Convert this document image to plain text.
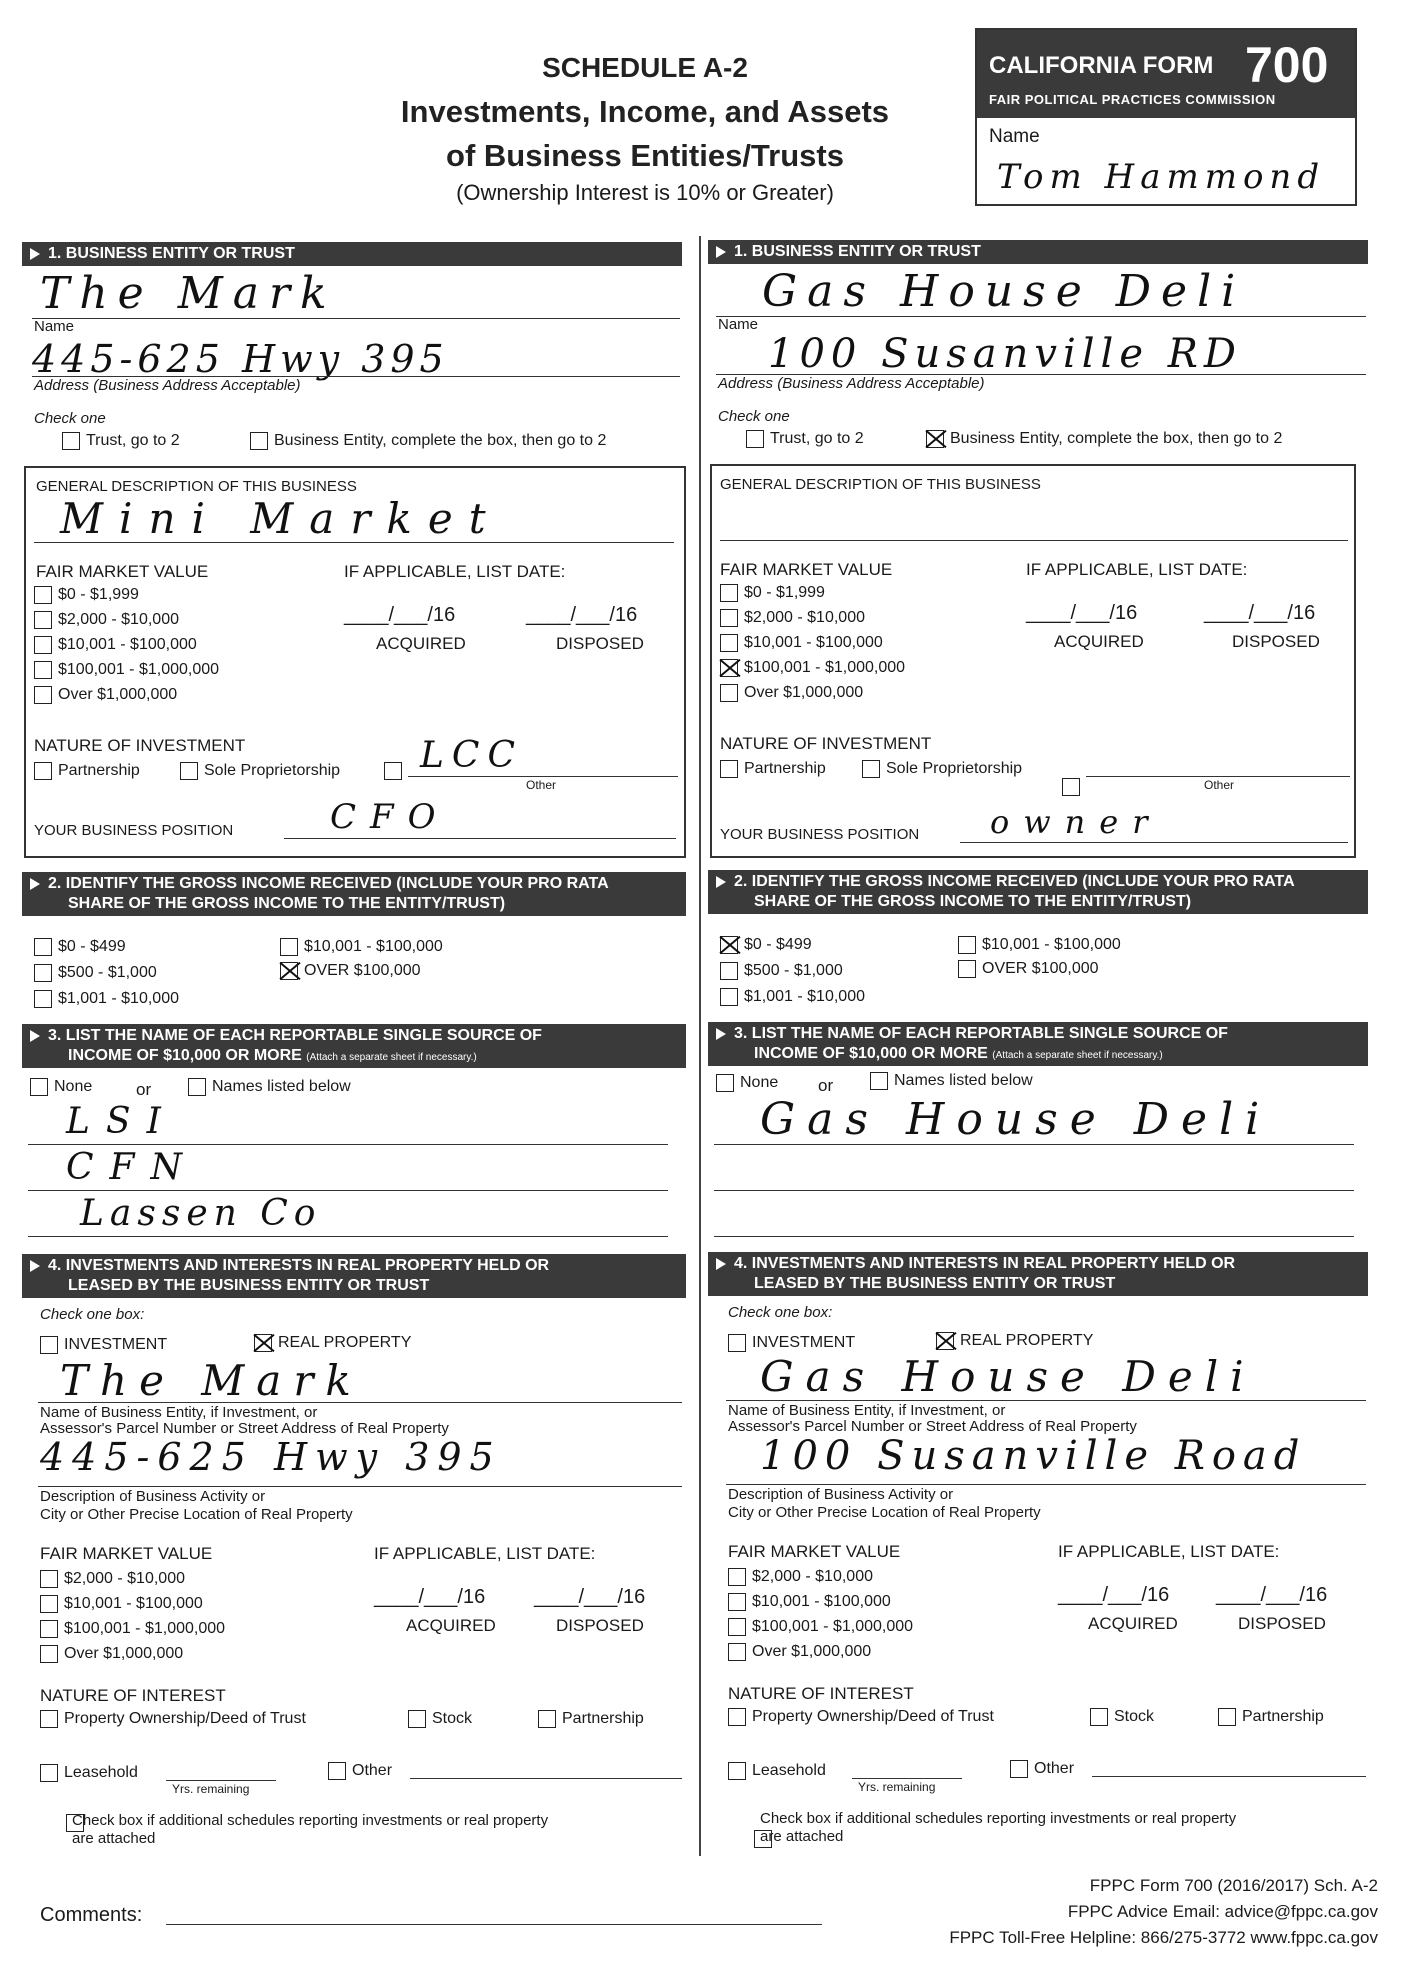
SCHEDULE A-2
Investments, Income, and Assets
of Business Entities/Trusts
(Ownership Interest is 10% or Greater)
CALIFORNIA FORM 700
FAIR POLITICAL PRACTICES COMMISSION
Name
Tom Hammond
1. BUSINESS ENTITY OR TRUST
The Mark
Name
445-625 Hwy 395
Address (Business Address Acceptable)
Check one
Trust, go to 2	Business Entity, complete the box, then go to 2
GENERAL DESCRIPTION OF THIS BUSINESS
Mini Market
FAIR MARKET VALUE
$0 - $1,999
$2,000 - $10,000
$10,001 - $100,000
$100,001 - $1,000,000
Over $1,000,000
IF APPLICABLE, LIST DATE:
____/___/16	____/___/16
ACQUIRED	DISPOSED
NATURE OF INVESTMENT
Partnership	Sole Proprietorship
LCC
Other
YOUR BUSINESS POSITION	CFO
2. IDENTIFY THE GROSS INCOME RECEIVED (INCLUDE YOUR PRO RATA
SHARE OF THE GROSS INCOME TO THE ENTITY/TRUST)
$0 - $499
$500 - $1,000
$1,001 - $10,000
$10,001 - $100,000
OVER $100,000
3. LIST THE NAME OF EACH REPORTABLE SINGLE SOURCE OF
INCOME OF $10,000 OR MORE (Attach a separate sheet if necessary.)
None	or	Names listed below
LSI
CFN
Lassen Co
4. INVESTMENTS AND INTERESTS IN REAL PROPERTY HELD OR
LEASED BY THE BUSINESS ENTITY OR TRUST
Check one box:
INVESTMENT	REAL PROPERTY
The Mark
Name of Business Entity, if Investment, or
Assessor's Parcel Number or Street Address of Real Property
445-625 Hwy 395
Description of Business Activity or
City or Other Precise Location of Real Property
FAIR MARKET VALUE
$2,000 - $10,000
$10,001 - $100,000
$100,001 - $1,000,000
Over $1,000,000
IF APPLICABLE, LIST DATE:
____/___/16 ____/___/16
ACQUIRED	DISPOSED
NATURE OF INTEREST
Property Ownership/Deed of Trust	Stock	Partnership
Leasehold
Yrs. remaining
Other
Check box if additional schedules reporting investments or real property
are attached
1. BUSINESS ENTITY OR TRUST
Gas House Deli
Name
100 Susanville RD
Address (Business Address Acceptable)
Check one
Trust, go to 2	Business Entity, complete the box, then go to 2
GENERAL DESCRIPTION OF THIS BUSINESS
FAIR MARKET VALUE
$0 - $1,999
$2,000 - $10,000
$10,001 - $100,000
$100,001 - $1,000,000
Over $1,000,000
IF APPLICABLE, LIST DATE:
____/___/16	____/___/16
ACQUIRED	DISPOSED
NATURE OF INVESTMENT
Partnership	Sole Proprietorship

Other
YOUR BUSINESS POSITION owner
2. IDENTIFY THE GROSS INCOME RECEIVED (INCLUDE YOUR PRO RATA
SHARE OF THE GROSS INCOME TO THE ENTITY/TRUST)
$0 - $499
$500 - $1,000
$1,001 - $10,000
$10,001 - $100,000
OVER $100,000
3. LIST THE NAME OF EACH REPORTABLE SINGLE SOURCE OF
INCOME OF $10,000 OR MORE (Attach a separate sheet if necessary.)
None or	Names listed below
Gas House Deli
4. INVESTMENTS AND INTERESTS IN REAL PROPERTY HELD OR
LEASED BY THE BUSINESS ENTITY OR TRUST
Check one box:
INVESTMENT	REAL PROPERTY
Gas House Deli
Name of Business Entity, if Investment, or
Assessor's Parcel Number or Street Address of Real Property
100 Susanville Road
Description of Business Activity or
City or Other Precise Location of Real Property
FAIR MARKET VALUE
$2,000 - $10,000
$10,001 - $100,000
$100,001 - $1,000,000
Over $1,000,000
IF APPLICABLE, LIST DATE:
____/___/16 ____/___/16
ACQUIRED	DISPOSED
NATURE OF INTEREST
Property Ownership/Deed of Trust	Stock	Partnership
Leasehold
Yrs. remaining
Other
Check box if additional schedules reporting investments or real property
are attached
Comments:
FPPC Form 700 (2016/2017) Sch. A-2
FPPC Advice Email: advice@fppc.ca.gov
FPPC Toll-Free Helpline: 866/275-3772 www.fppc.ca.gov
